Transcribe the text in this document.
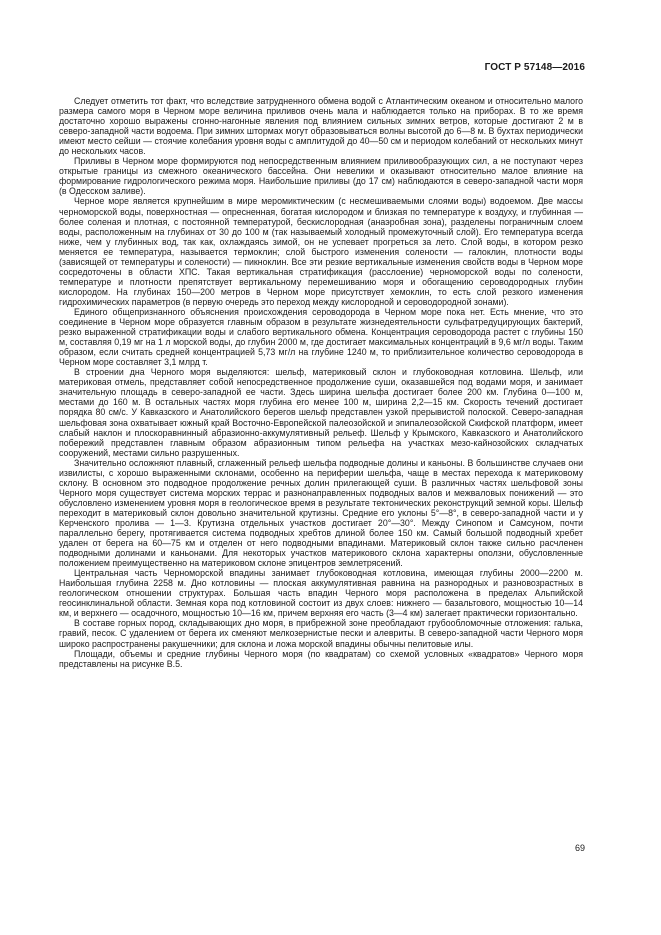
ГОСТ Р 57148—2016

Следует отметить тот факт, что вследствие затрудненного обмена водой с Атлантическим океаном и относительно малого размера самого моря в Черном море величина приливов очень мала и наблюдается только на приборах. В то же время достаточно хорошо выражены сгонно-нагонные явления под влиянием сильных зимних ветров, которые достигают 2 м в северо-западной части водоема. При зимних штормах могут образовываться волны высотой до 6—8 м. В бухтах периодически имеют место сейши — стоячие колебания уровня воды с амплитудой до 40—50 см и периодом колебаний от нескольких минут до нескольких часов.

Приливы в Черном море формируются под непосредственным влиянием приливообразующих сил, а не поступают через открытые границы из смежного океанического бассейна. Они невелики и оказывают относительно малое влияние на формирование гидрологического режима моря. Наибольшие приливы (до 17 см) наблюдаются в северо-западной части моря (в Одесском заливе).

Черное море является крупнейшим в мире меромиктическим (с несмешиваемыми слоями воды) водоемом. Две массы черноморской воды, поверхностная — опресненная, богатая кислородом и близкая по температуре к воздуху, и глубинная — более соленая и плотная, с постоянной температурой, бескислородная (анаэробная зона), разделены пограничным слоем воды, расположенным на глубинах от 30 до 100 м (так называемый холодный промежуточный слой). Его температура всегда ниже, чем у глубинных вод, так как, охлаждаясь зимой, он не успевает прогреться за лето. Слой воды, в котором резко меняется ее температура, называется термоклин; слой быстрого изменения солености — галоклин, плотности воды (зависящей от температуры и солености) — пикноклин. Все эти резкие вертикальные изменения свойств воды в Черном море сосредоточены в области ХПС. Такая вертикальная стратификация (расслоение) черноморской воды по солености, температуре и плотности препятствует вертикальному перемешиванию моря и обогащению сероводородных глубин кислородом. На глубинах 150—200 метров в Черном море присутствует хемоклин, то есть слой резкого изменения гидрохимических параметров (в первую очередь это переход между кислородной и сероводородной зонами).

Единого общепризнанного объяснения происхождения сероводорода в Черном море пока нет. Есть мнение, что это соединение в Черном море образуется главным образом в результате жизнедеятельности сульфатредуцирующих бактерий, резко выраженной стратификации воды и слабого вертикального обмена. Концентрация сероводорода растет с глубины 150 м, составляя 0,19 мг на 1 л морской воды, до глубин 2000 м, где достигает максимальных концентраций в 9,6 мг/л воды. Таким образом, если считать средней концентрацией 5,73 мг/л на глубине 1240 м, то приблизительное количество сероводорода в Черном море составляет 3,1 млрд т.

В строении дна Черного моря выделяются: шельф, материковый склон и глубоководная котловина. Шельф, или материковая отмель, представляет собой непосредственное продолжение суши, оказавшейся под водами моря, и занимает значительную площадь в северо-западной ее части. Здесь ширина шельфа достигает более 200 км. Глубина 0—100 м, местами до 160 м. В остальных частях моря глубина его менее 100 м, ширина 2,2—15 км. Скорость течений достигает порядка 80 см/с. У Кавказского и Анатолийского берегов шельф представлен узкой прерывистой полоской. Северо-западная шельфовая зона охватывает южный край Восточно-Европейской палеозойской и эпипалеозойской Скифской платформ, имеет слабый наклон и плоскоравнинный абразионно-аккумулятивный рельеф. Шельф у Крымского, Кавказского и Анатолийского побережий представлен главным образом абразионным типом рельефа на участках мезо-кайнозойских складчатых сооружений, местами сильно разрушенных.

Значительно осложняют плавный, сглаженный рельеф шельфа подводные долины и каньоны. В большинстве случаев они извилисты, с хорошо выраженными склонами, особенно на периферии шельфа, чаще в местах перехода к материковому склону. В основном это подводное продолжение речных долин прилегающей суши. В различных частях шельфовой зоны Черного моря существует система морских террас и разнонаправленных подводных валов и межваловых понижений — это обусловлено изменением уровня моря в геологическое время в результате тектонических реконструкций земной коры. Шельф переходит в материковый склон довольно значительной крутизны. Средние его уклоны 5°—8°, в северо-западной части и у Керченского пролива — 1—3. Крутизна отдельных участков достигает 20°—30°. Между Синопом и Самсуном, почти параллельно берегу, протягивается система подводных хребтов длиной более 150 км. Самый большой подводный хребет удален от берега на 60—75 км и отделен от него подводными впадинами. Материковый склон также сильно расчленен подводными долинами и каньонами. Для некоторых участков материкового склона характерны оползни, обусловленные положением преимущественно на материковом склоне эпицентров землетрясений.

Центральная часть Черноморской впадины занимает глубоководная котловина, имеющая глубины 2000—2200 м. Наибольшая глубина 2258 м. Дно котловины — плоская аккумулятивная равнина на разнородных и разновозрастных в геологическом отношении структурах. Большая часть впадин Черного моря расположена в пределах Альпийской геосинклинальной области. Земная кора под котловиной состоит из двух слоев: нижнего — базальтового, мощностью 10—14 км, и верхнего — осадочного, мощностью 10—16 км, причем верхняя его часть (3—4 км) залегает практически горизонтально.

В составе горных пород, складывающих дно моря, в прибрежной зоне преобладают грубообломочные отложения: галька, гравий, песок. С удалением от берега их сменяют мелкозернистые пески и алевриты. В северо-западной части Черного моря широко распространены ракушечники; для склона и ложа морской впадины обычны пелитовые илы.

Площади, объемы и средние глубины Черного моря (по квадратам) со схемой условных «квадратов» Черного моря представлены на рисунке В.5.

69
